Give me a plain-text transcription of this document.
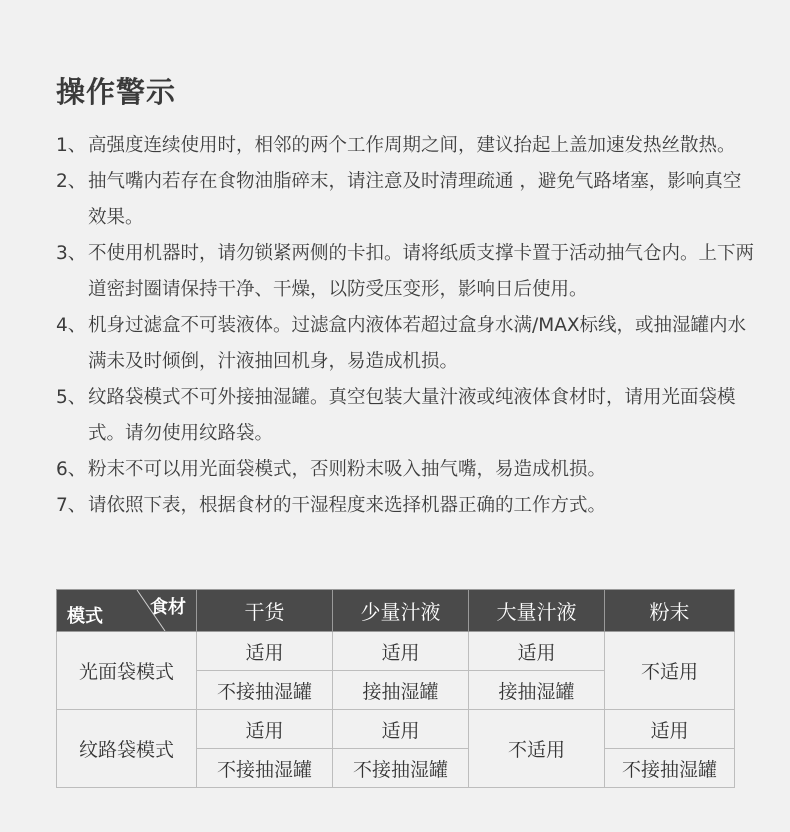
操作警示
1、 高强度连续使用时，相邻的两个工作周期之间，建议抬起上盖加速发热丝散热。
2、 抽气嘴内若存在食物油脂碎末，请注意及时清理疏通 ，避免气路堵塞，影响真空效果。
3、 不使用机器时，请勿锁紧两侧的卡扣。请将纸质支撑卡置于活动抽气仓内。上下两道密封圈请保持干净、干燥，以防受压变形，影响日后使用。
4、 机身过滤盒不可装液体。过滤盒内液体若超过盒身水满/MAX标线，或抽湿罐内水满未及时倾倒，汁液抽回机身，易造成机损。
5、 纹路袋模式不可外接抽湿罐。真空包装大量汁液或纯液体食材时，请用光面袋模式。请勿使用纹路袋。
6、 粉末不可以用光面袋模式，否则粉末吸入抽气嘴，易造成机损。
7、 请依照下表，根据食材的干湿程度来选择机器正确的工作方式。
食材
模式	干货	少量汁液	大量汁液	粉末
光面袋模式	适用	适用	适用	不适用
	不接抽湿罐	接抽湿罐	接抽湿罐	
纹路袋模式	适用	适用	不适用	适用
	不接抽湿罐	不接抽湿罐		不接抽湿罐
